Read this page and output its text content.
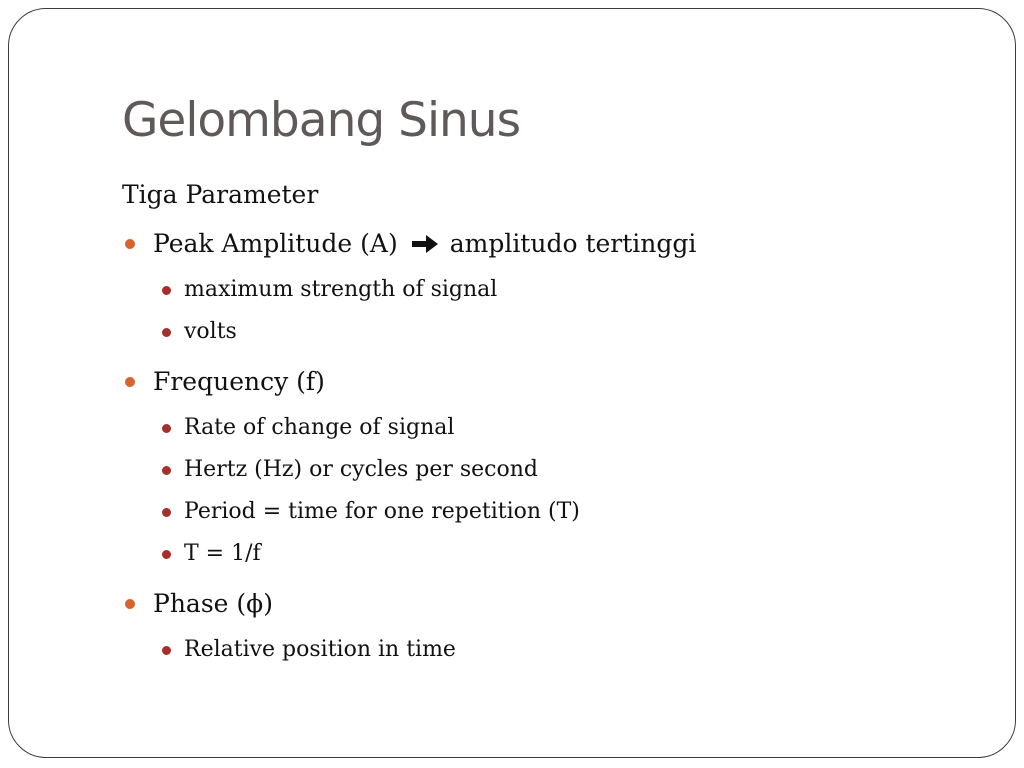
Gelombang Sinus
Tiga Parameter
Peak Amplitude (A) amplitudo tertinggi
maximum strength of signal
volts
Frequency (f)
Rate of change of signal
Hertz (Hz) or cycles per second
Period = time for one repetition (T)
T = 1/f
Phase (ϕ)
Relative position in time
